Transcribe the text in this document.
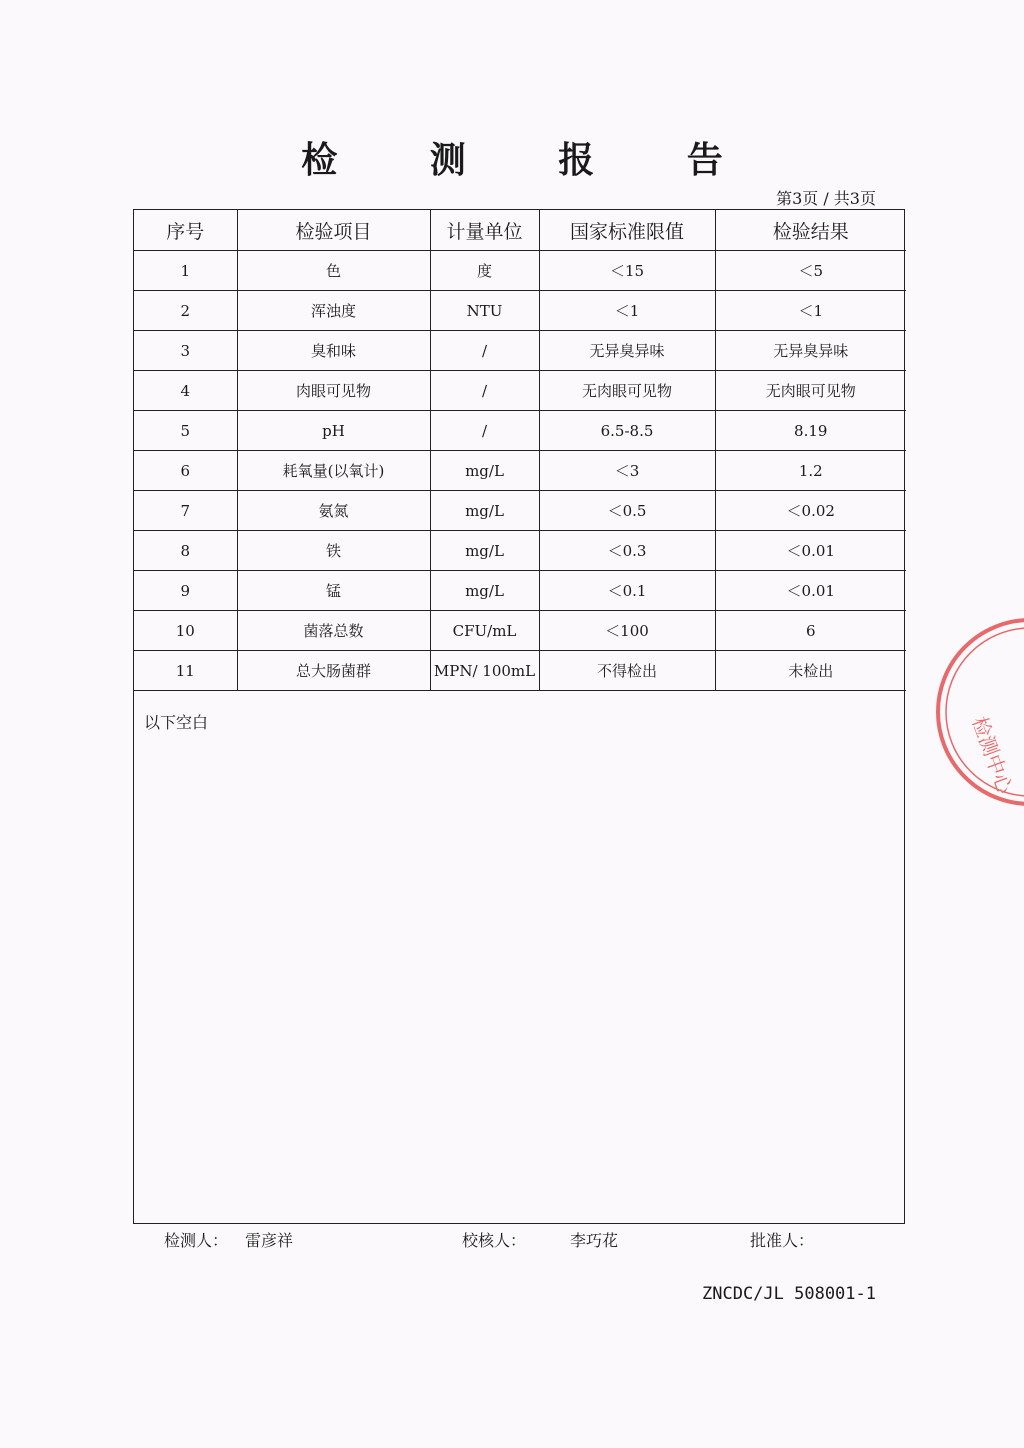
检 测 报 告
第3页 / 共3页
序号	检验项目	计量单位	国家标准限值	检验结果
1	色	度	＜15	＜5
2	浑浊度	NTU	＜1	＜1
3	臭和味	/	无异臭异味	无异臭异味
4	肉眼可见物	/	无肉眼可见物	无肉眼可见物
5	pH	/	6.5-8.5	8.19
6	耗氧量(以氧计)	mg/L	＜3	1.2
7	氨氮	mg/L	＜0.5	＜0.02
8	铁	mg/L	＜0.3	＜0.01
9	锰	mg/L	＜0.1	＜0.01
10	菌落总数	CFU/mL	＜100	6
11	总大肠菌群	MPN/ 100mL	不得检出	未检出
以下空白
检测人： 雷彦祥	校核人：	李巧花	批准人：
ZNCDC/JL 508001-1
检测中心
